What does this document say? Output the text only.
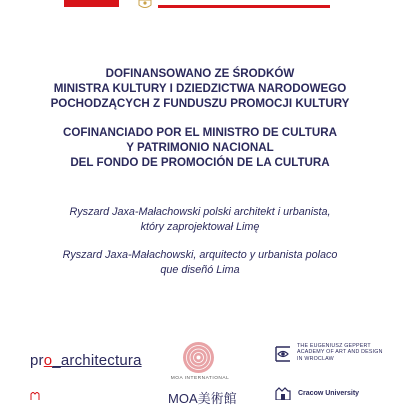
DOFINANSOWANO ZE ŚRODKÓW
MINISTRA KULTURY I DZIEDZICTWA NARODOWEGO
POCHODZĄCYCH Z FUNDUSZU PROMOCJI KULTURY
COFINANCIADO POR EL MINISTRO DE CULTURA
Y PATRIMONIO NACIONAL
DEL FONDO DE PROMOCIÓN DE LA CULTURA
Ryszard Jaxa-Małachowski polski architekt i urbanista,
który zaprojektował Limę
Ryszard Jaxa-Małachowski, arquitecto y urbanista polaco
que diseñó Lima
pro_architectura
MOA INTERNATIONAL
MOA美術館
THE EUGENIUSZ GEPPERT
ACADEMY OF ART AND DESIGN
IN WROCLAW
Cracow University
